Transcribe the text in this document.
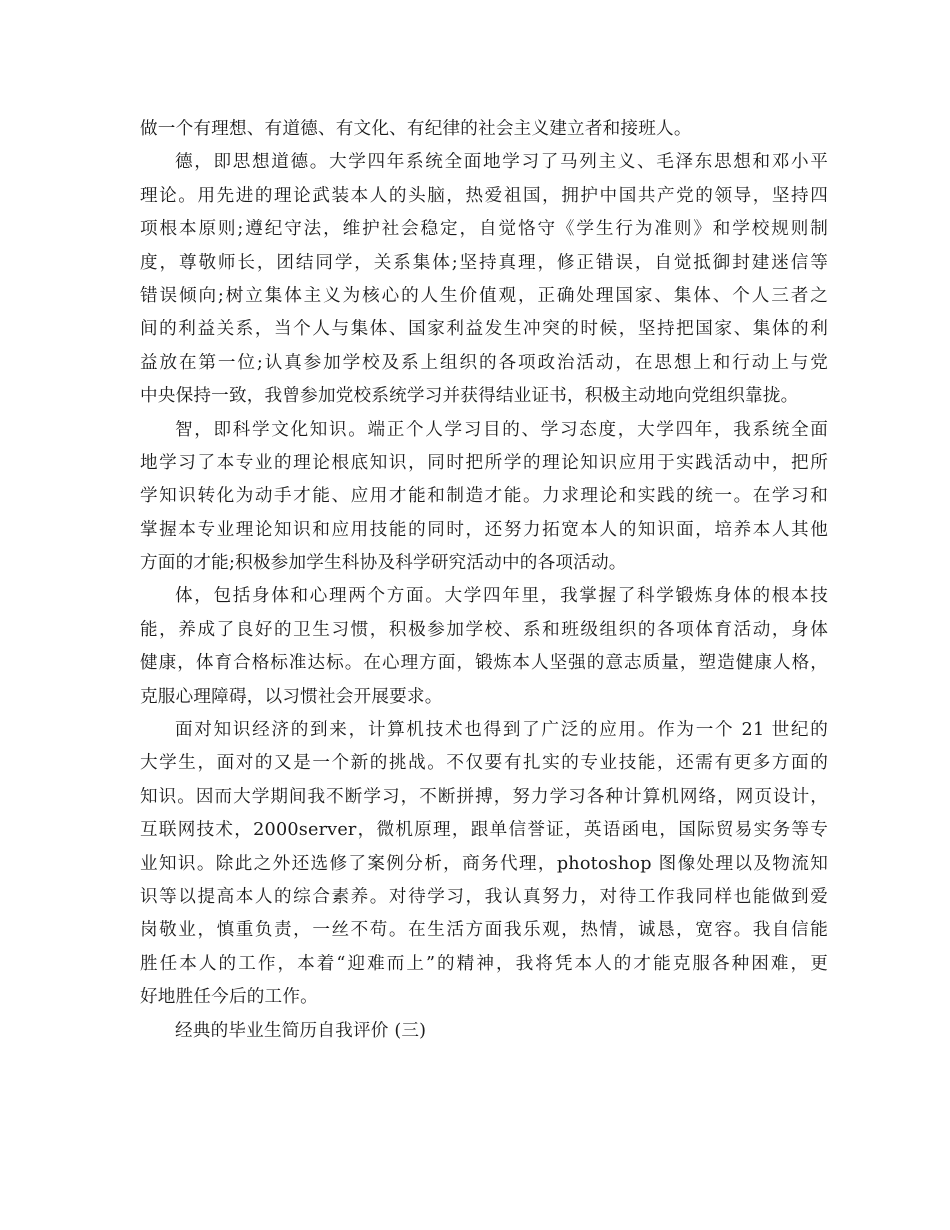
做一个有理想、有道德、有文化、有纪律的社会主义建立者和接班人。
德，即思想道德。大学四年系统全面地学习了马列主义、毛泽东思想和邓小平
理论。用先进的理论武装本人的头脑，热爱祖国，拥护中国共产党的领导，坚持四
项根本原则;遵纪守法，维护社会稳定，自觉恪守《学生行为准则》和学校规则制
度，尊敬师长，团结同学，关系集体;坚持真理，修正错误，自觉抵御封建迷信等
错误倾向;树立集体主义为核心的人生价值观，正确处理国家、集体、个人三者之
间的利益关系，当个人与集体、国家利益发生冲突的时候，坚持把国家、集体的利
益放在第一位;认真参加学校及系上组织的各项政治活动，在思想上和行动上与党
中央保持一致，我曾参加党校系统学习并获得结业证书，积极主动地向党组织靠拢。
智，即科学文化知识。端正个人学习目的、学习态度，大学四年，我系统全面
地学习了本专业的理论根底知识，同时把所学的理论知识应用于实践活动中，把所
学知识转化为动手才能、应用才能和制造才能。力求理论和实践的统一。在学习和
掌握本专业理论知识和应用技能的同时，还努力拓宽本人的知识面，培养本人其他
方面的才能;积极参加学生科协及科学研究活动中的各项活动。
体，包括身体和心理两个方面。大学四年里，我掌握了科学锻炼身体的根本技
能，养成了良好的卫生习惯，积极参加学校、系和班级组织的各项体育活动，身体
健康，体育合格标准达标。在心理方面，锻炼本人坚强的意志质量，塑造健康人格，
克服心理障碍，以习惯社会开展要求。
面对知识经济的到来，计算机技术也得到了广泛的应用。作为一个 21 世纪的
大学生，面对的又是一个新的挑战。不仅要有扎实的专业技能，还需有更多方面的
知识。因而大学期间我不断学习，不断拼搏，努力学习各种计算机网络，网页设计，
互联网技术，2000server，微机原理，跟单信誉证，英语函电，国际贸易实务等专
业知识。除此之外还选修了案例分析，商务代理，photoshop 图像处理以及物流知
识等以提高本人的综合素养。对待学习，我认真努力，对待工作我同样也能做到爱
岗敬业，慎重负责，一丝不苟。在生活方面我乐观，热情，诚恳，宽容。我自信能
胜任本人的工作，本着“迎难而上”的精神，我将凭本人的才能克服各种困难，更
好地胜任今后的工作。
经典的毕业生简历自我评价 (三)
